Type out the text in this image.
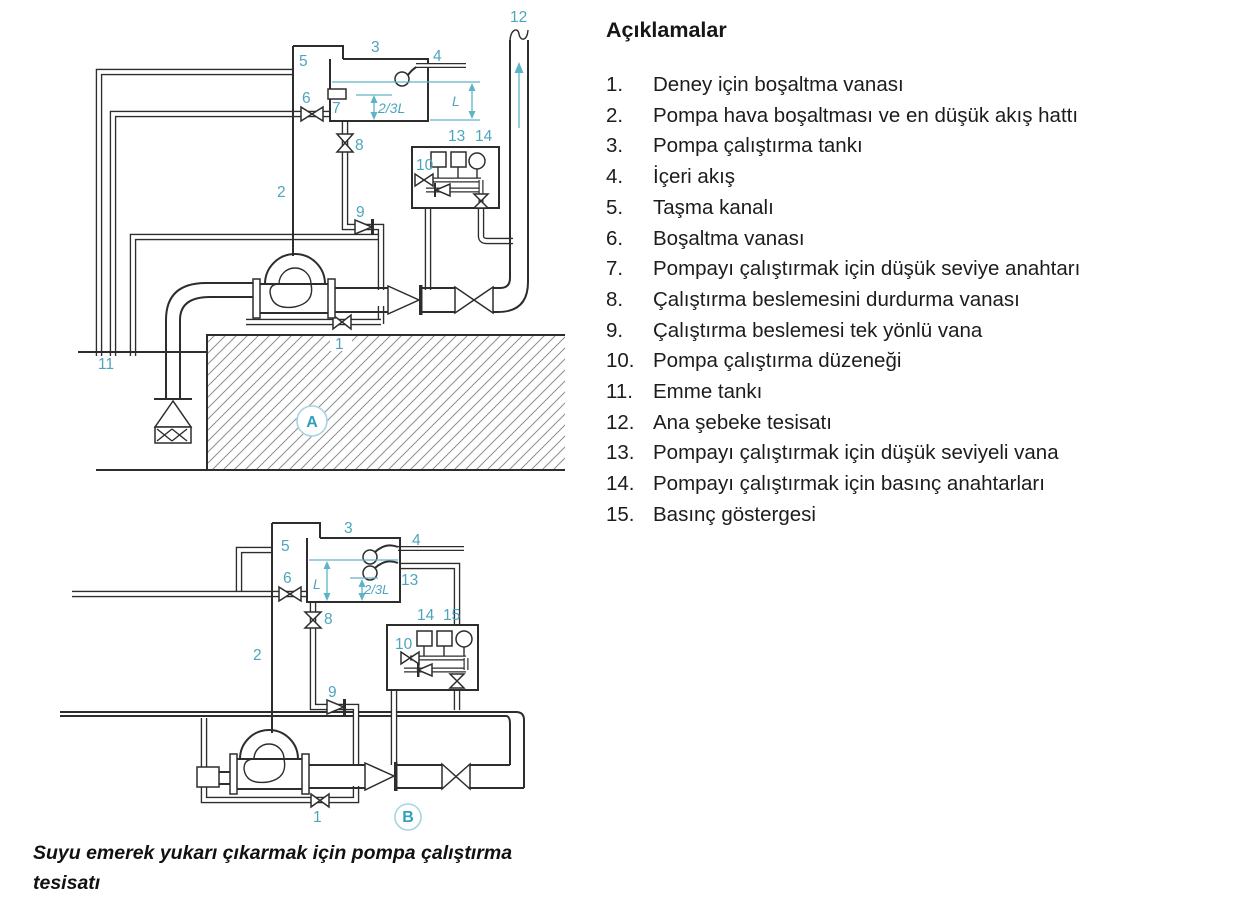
A
12
3
4
5
6
7
2
8
9
13 14
10
11
1
L
2/3L
B
3
4
5
6
8
13
2
9
10
14 15
1
L	2/3L
Açıklamalar
1.	Deney için boşaltma vanası
2.	Pompa hava boşaltması ve en düşük akış hattı
3.	Pompa çalıştırma tankı
4.	İçeri akış
5.	Taşma kanalı
6.	Boşaltma vanası
7.	Pompayı çalıştırmak için düşük seviye anahtarı
8.	Çalıştırma beslemesini durdurma vanası
9.	Çalıştırma beslemesi tek yönlü vana
10. Pompa çalıştırma düzeneği
11. Emme tankı
12. Ana şebeke tesisatı
13. Pompayı çalıştırmak için düşük seviyeli vana
14. Pompayı çalıştırmak için basınç anahtarları
15. Basınç göstergesi
Suyu emerek yukarı çıkarmak için pompa çalıştırma tesisatı
